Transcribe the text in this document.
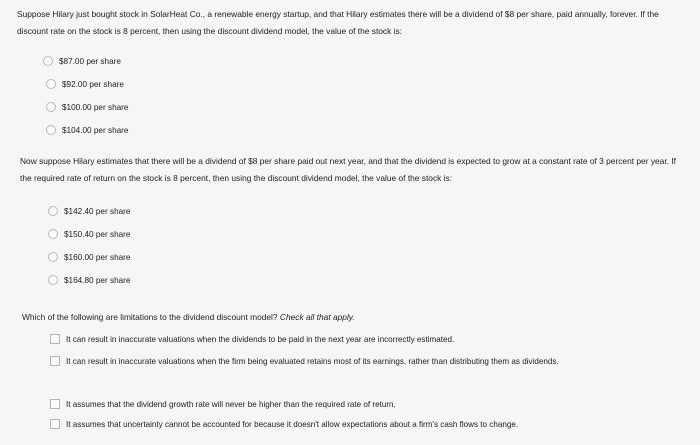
Suppose Hilary just bought stock in SolarHeat Co., a renewable energy startup, and that Hilary estimates there will be a dividend of $8 per share, paid annually, forever. If the discount rate on the stock is 8 percent, then using the discount dividend model, the value of the stock is:

$87.00 per share
$92.00 per share
$100.00 per share
$104.00 per share

Now suppose Hilary estimates that there will be a dividend of $8 per share paid out next year, and that the dividend is expected to grow at a constant rate of 3 percent per year. If the required rate of return on the stock is 8 percent, then using the discount dividend model, the value of the stock is:

$142.40 per share
$150.40 per share
$160.00 per share
$164.80 per share

Which of the following are limitations to the dividend discount model? Check all that apply.

It can result in inaccurate valuations when the dividends to be paid in the next year are incorrectly estimated.
It can result in inaccurate valuations when the firm being evaluated retains most of its earnings, rather than distributing them as dividends.
It assumes that the dividend growth rate will never be higher than the required rate of return.
It assumes that uncertainty cannot be accounted for because it doesn't allow expectations about a firm's cash flows to change.
